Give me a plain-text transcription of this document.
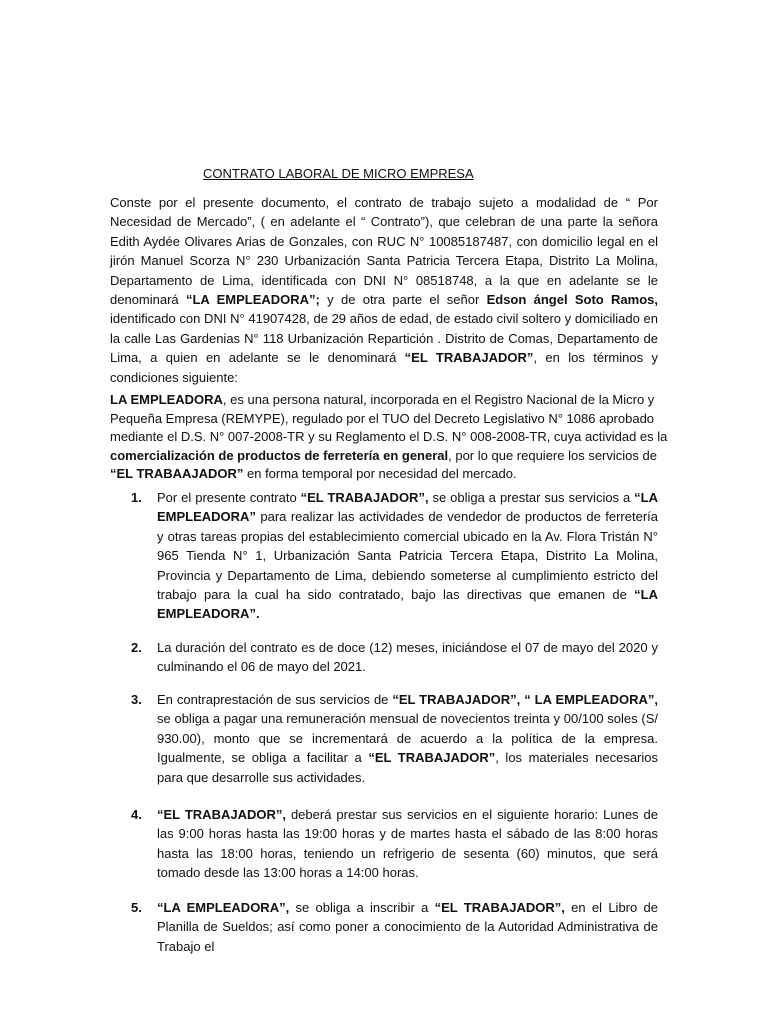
CONTRATO LABORAL DE MICRO EMPRESA

Conste por el presente documento, el contrato de trabajo sujeto a modalidad de “ Por Necesidad de Mercado”, ( en adelante el “ Contrato”), que celebran de una parte la señora Edith Aydée Olivares Arias de Gonzales, con RUC N° 10085187487, con domicilio legal en el jirón Manuel Scorza N° 230 Urbanización Santa Patricia Tercera Etapa, Distrito La Molina, Departamento de Lima, identificada con DNI N° 08518748, a la que en adelante se le denominará “LA EMPLEADORA”; y de otra parte el señor Edson ángel Soto Ramos, identificado con DNI N° 41907428, de 29 años de edad, de estado civil soltero y domiciliado en la calle Las Gardenias N° 118 Urbanización Repartición . Distrito de Comas, Departamento de Lima, a quien en adelante se le denominará “EL TRABAJADOR”, en los términos y condiciones siguiente:

LA EMPLEADORA, es una persona natural, incorporada en el Registro Nacional de la Micro y Pequeña Empresa (REMYPE), regulado por el TUO del Decreto Legislativo N° 1086 aprobado mediante el D.S. N° 007-2008-TR y su Reglamento el D.S. N° 008-2008-TR, cuya actividad es la comercialización de productos de ferretería en general, por lo que requiere los servicios de “EL TRABAAJADOR” en forma temporal por necesidad del mercado.

1. Por el presente contrato “EL TRABAJADOR”, se obliga a prestar sus servicios a “LA EMPLEADORA” para realizar las actividades de vendedor de productos de ferretería y otras tareas propias del establecimiento comercial ubicado en la Av. Flora Tristán N° 965 Tienda N° 1, Urbanización Santa Patricia Tercera Etapa, Distrito La Molina, Provincia y Departamento de Lima, debiendo someterse al cumplimiento estricto del trabajo para la cual ha sido contratado, bajo las directivas que emanen de “LA EMPLEADORA”.
2. La duración del contrato es de doce (12) meses, iniciándose el 07 de mayo del 2020 y culminando el 06 de mayo del 2021.
3. En contraprestación de sus servicios de “EL TRABAJADOR”, “ LA EMPLEADORA”, se obliga a pagar una remuneración mensual de novecientos treinta y 00/100 soles (S/ 930.00), monto que se incrementará de acuerdo a la política de la empresa. Igualmente, se obliga a facilitar a “EL TRABAJADOR”, los materiales necesarios para que desarrolle sus actividades.
4. “EL TRABAJADOR”, deberá prestar sus servicios en el siguiente horario: Lunes de las 9:00 horas hasta las 19:00 horas y de martes hasta el sábado de las 8:00 horas hasta las 18:00 horas, teniendo un refrigerio de sesenta (60) minutos, que será tomado desde las 13:00 horas a 14:00 horas.
5. “LA EMPLEADORA”, se obliga a inscribir a “EL TRABAJADOR”, en el Libro de Planilla de Sueldos; así como poner a conocimiento de la Autoridad Administrativa de Trabajo el
